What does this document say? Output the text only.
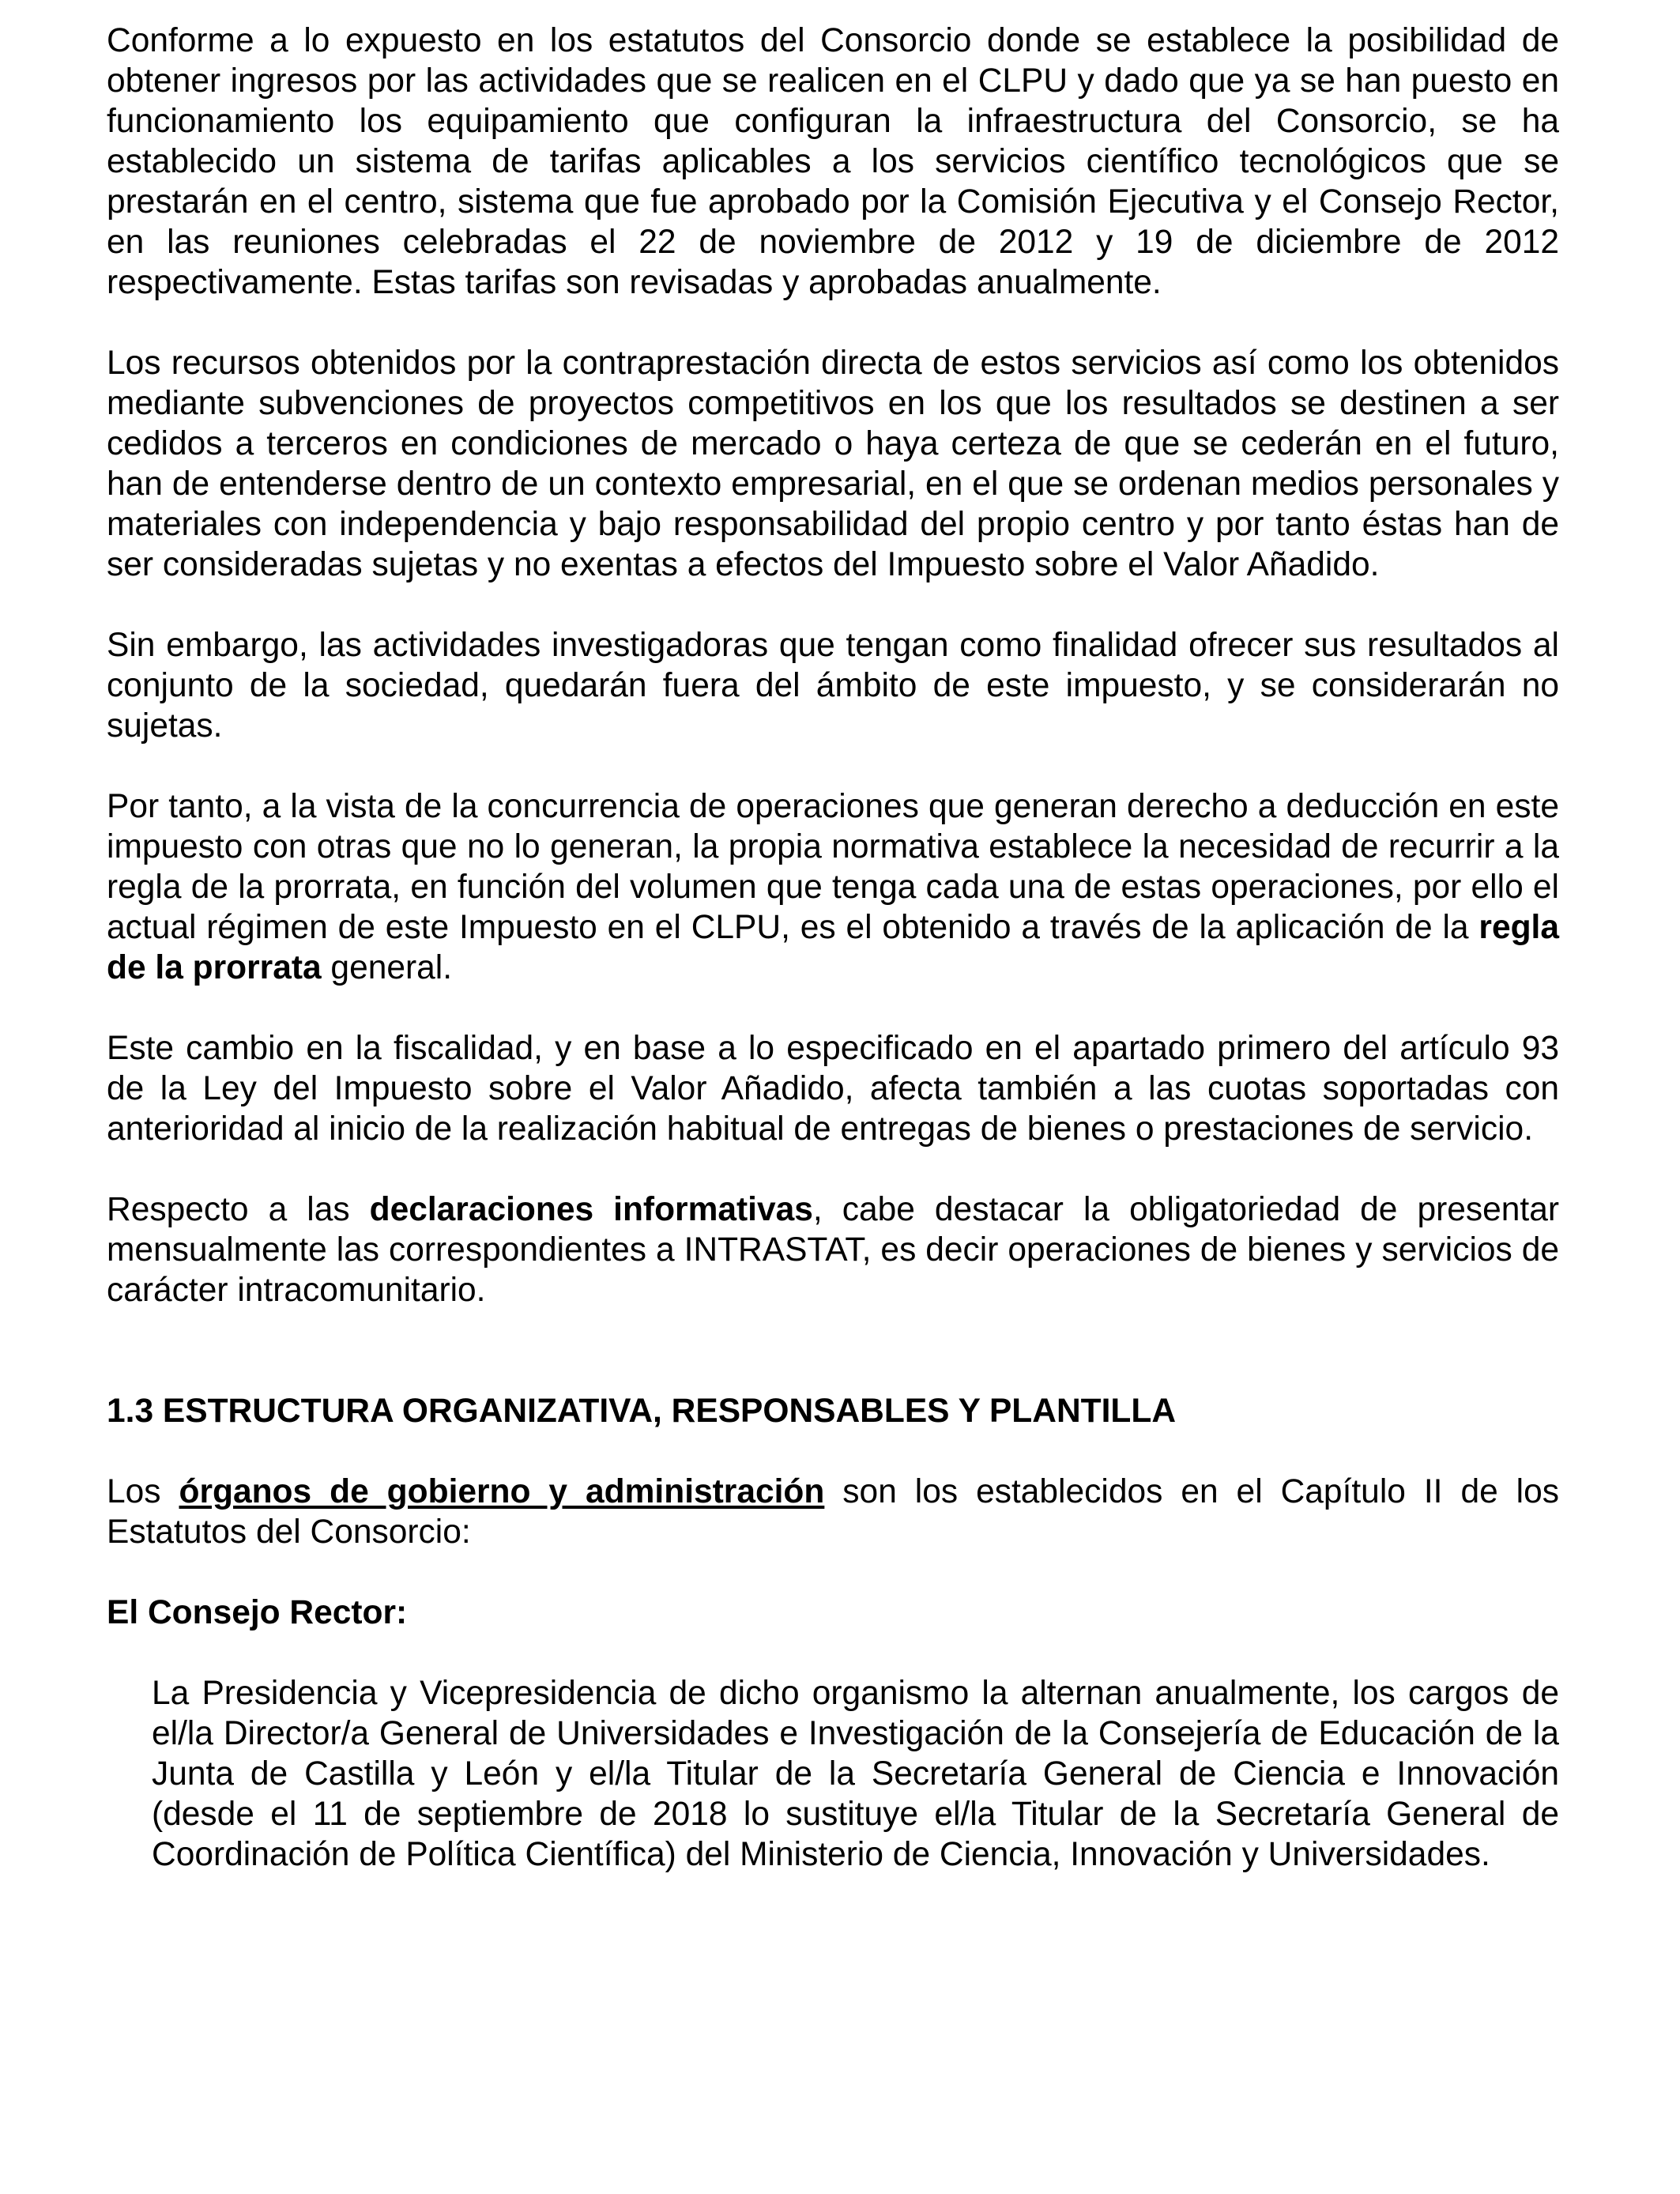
Conforme a lo expuesto en los estatutos del Consorcio donde se establece la posibilidad de obtener ingresos por las actividades que se realicen en el CLPU y dado que ya se han puesto en funcionamiento los equipamiento que configuran la infraestructura del Consorcio, se ha establecido un sistema de tarifas aplicables a los servicios científico tecnológicos que se prestarán en el centro, sistema que fue aprobado por la Comisión Ejecutiva y el Consejo Rector, en las reuniones celebradas el 22 de noviembre de 2012 y 19 de diciembre de 2012 respectivamente. Estas tarifas son revisadas y aprobadas anualmente.

Los recursos obtenidos por la contraprestación directa de estos servicios así como los obtenidos mediante subvenciones de proyectos competitivos en los que los resultados se destinen a ser cedidos a terceros en condiciones de mercado o haya certeza de que se cederán en el futuro, han de entenderse dentro de un contexto empresarial, en el que se ordenan medios personales y materiales con independencia y bajo responsabilidad del propio centro y por tanto éstas han de ser consideradas sujetas y no exentas a efectos del Impuesto sobre el Valor Añadido.

Sin embargo, las actividades investigadoras que tengan como finalidad ofrecer sus resultados al conjunto de la sociedad, quedarán fuera del ámbito de este impuesto, y se considerarán no sujetas.

Por tanto, a la vista de la concurrencia de operaciones que generan derecho a deducción en este impuesto con otras que no lo generan, la propia normativa establece la necesidad de recurrir a la regla de la prorrata, en función del volumen que tenga cada una de estas operaciones, por ello el actual régimen de este Impuesto en el CLPU, es el obtenido a través de la aplicación de la regla de la prorrata general.

Este cambio en la fiscalidad, y en base a lo especificado en el apartado primero del artículo 93 de la Ley del Impuesto sobre el Valor Añadido, afecta también a las cuotas soportadas con anterioridad al inicio de la realización habitual de entregas de bienes o prestaciones de servicio.

Respecto a las declaraciones informativas, cabe destacar la obligatoriedad de presentar mensualmente las correspondientes a INTRASTAT, es decir operaciones de bienes y servicios de carácter intracomunitario.

1.3 ESTRUCTURA ORGANIZATIVA, RESPONSABLES Y PLANTILLA

Los órganos de gobierno y administración son los establecidos en el Capítulo II de los Estatutos del Consorcio:

El Consejo Rector:

La Presidencia y Vicepresidencia de dicho organismo la alternan anualmente, los cargos de el/la Director/a General de Universidades e Investigación de la Consejería de Educación de la Junta de Castilla y León y el/la Titular de la Secretaría General de Ciencia e Innovación (desde el 11 de septiembre de 2018 lo sustituye el/la Titular de la Secretaría General de Coordinación de Política Científica) del Ministerio de Ciencia, Innovación y Universidades.
